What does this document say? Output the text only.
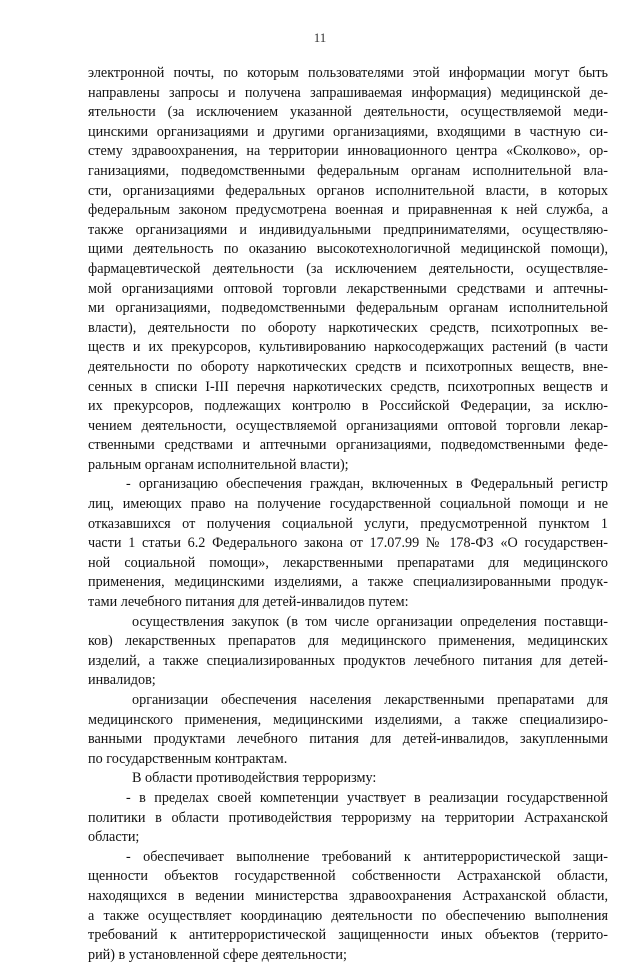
11
электронной почты, по которым пользователями этой информации могут быть
направлены запросы и получена запрашиваемая информация) медицинской де-
ятельности (за исключением указанной деятельности, осуществляемой меди-
цинскими организациями и другими организациями, входящими в частную си-
стему здравоохранения, на территории инновационного центра «Сколково», ор-
ганизациями, подведомственными федеральным органам исполнительной вла-
сти, организациями федеральных органов исполнительной власти, в которых
федеральным законом предусмотрена военная и приравненная к ней служба, а
также организациями и индивидуальными предпринимателями, осуществляю-
щими деятельность по оказанию высокотехнологичной медицинской помощи),
фармацевтической деятельности (за исключением деятельности, осуществляе-
мой организациями оптовой торговли лекарственными средствами и аптечны-
ми организациями, подведомственными федеральным органам исполнительной
власти), деятельности по обороту наркотических средств, психотропных ве-
ществ и их прекурсоров, культивированию наркосодержащих растений (в части
деятельности по обороту наркотических средств и психотропных веществ, вне-
сенных в списки I-III перечня наркотических средств, психотропных веществ и
их прекурсоров, подлежащих контролю в Российской Федерации, за исклю-
чением деятельности, осуществляемой организациями оптовой торговли лекар-
ственными средствами и аптечными организациями, подведомственными феде-
ральным органам исполнительной власти);
- организацию обеспечения граждан, включенных в Федеральный регистр
лиц, имеющих право на получение государственной социальной помощи и не
отказавшихся от получения социальной услуги, предусмотренной пунктом 1
части 1 статьи 6.2 Федерального закона от 17.07.99 № 178-ФЗ «О государствен-
ной социальной помощи», лекарственными препаратами для медицинского
применения, медицинскими изделиями, а также специализированными продук-
тами лечебного питания для детей-инвалидов путем:
осуществления закупок (в том числе организации определения поставщи-
ков) лекарственных препаратов для медицинского применения, медицинских
изделий, а также специализированных продуктов лечебного питания для детей-
инвалидов;
организации обеспечения населения лекарственными препаратами для
медицинского применения, медицинскими изделиями, а также специализиро-
ванными продуктами лечебного питания для детей-инвалидов, закупленными
по государственным контрактам.
В области противодействия терроризму:
- в пределах своей компетенции участвует в реализации государственной
политики в области противодействия терроризму на территории Астраханской
области;
- обеспечивает выполнение требований к антитеррористической защи-
щенности объектов государственной собственности Астраханской области,
находящихся в ведении министерства здравоохранения Астраханской области,
а также осуществляет координацию деятельности по обеспечению выполнения
требований к антитеррористической защищенности иных объектов (террито-
рий) в установленной сфере деятельности;
